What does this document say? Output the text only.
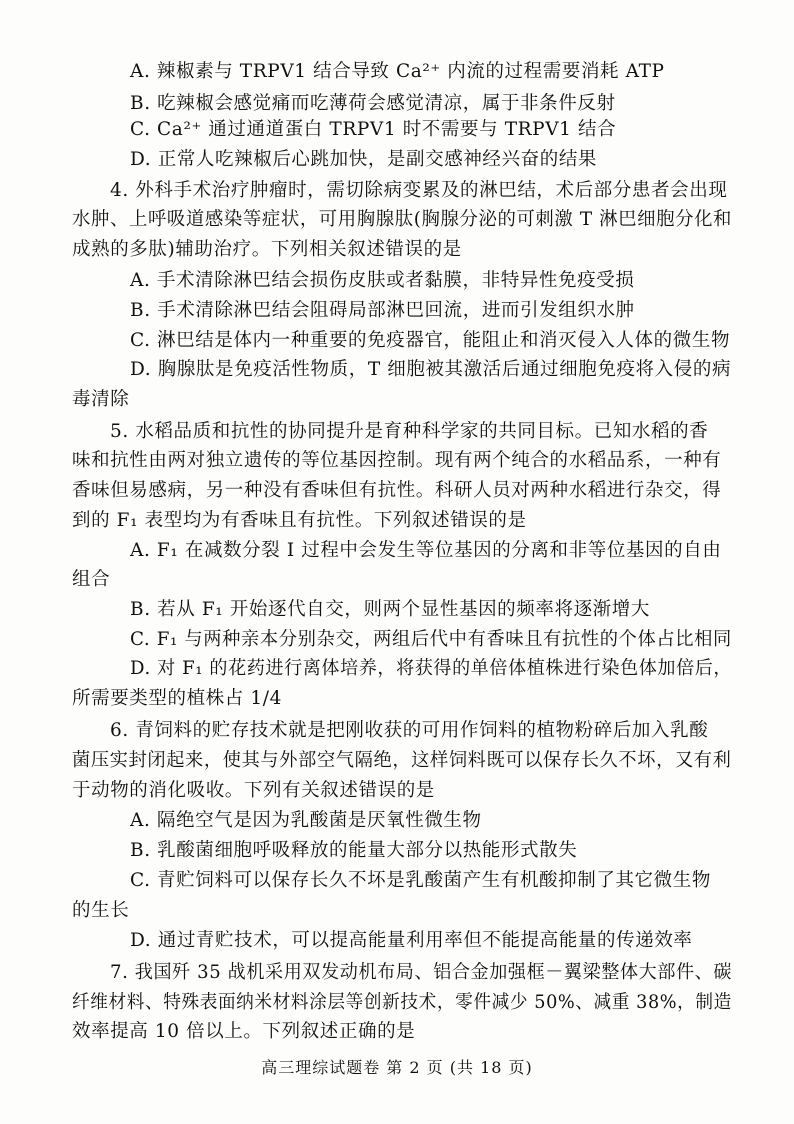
A. 辣椒素与 TRPV1 结合导致 Ca²⁺ 内流的过程需要消耗 ATP
B. 吃辣椒会感觉痛而吃薄荷会感觉清凉，属于非条件反射
C. Ca²⁺ 通过通道蛋白 TRPV1 时不需要与 TRPV1 结合
D. 正常人吃辣椒后心跳加快，是副交感神经兴奋的结果
4. 外科手术治疗肿瘤时，需切除病变累及的淋巴结，术后部分患者会出现
水肿、上呼吸道感染等症状，可用胸腺肽(胸腺分泌的可刺激 T 淋巴细胞分化和
成熟的多肽)辅助治疗。下列相关叙述错误的是
A. 手术清除淋巴结会损伤皮肤或者黏膜，非特异性免疫受损
B. 手术清除淋巴结会阻碍局部淋巴回流，进而引发组织水肿
C. 淋巴结是体内一种重要的免疫器官，能阻止和消灭侵入人体的微生物
D. 胸腺肽是免疫活性物质，T 细胞被其激活后通过细胞免疫将入侵的病
毒清除
5. 水稻品质和抗性的协同提升是育种科学家的共同目标。已知水稻的香
味和抗性由两对独立遗传的等位基因控制。现有两个纯合的水稻品系，一种有
香味但易感病，另一种没有香味但有抗性。科研人员对两种水稻进行杂交，得
到的 F₁ 表型均为有香味且有抗性。下列叙述错误的是
A. F₁ 在减数分裂 Ⅰ 过程中会发生等位基因的分离和非等位基因的自由
组合
B. 若从 F₁ 开始逐代自交，则两个显性基因的频率将逐渐增大
C. F₁ 与两种亲本分别杂交，两组后代中有香味且有抗性的个体占比相同
D. 对 F₁ 的花药进行离体培养，将获得的单倍体植株进行染色体加倍后，
所需要类型的植株占 1/4
6. 青饲料的贮存技术就是把刚收获的可用作饲料的植物粉碎后加入乳酸
菌压实封闭起来，使其与外部空气隔绝，这样饲料既可以保存长久不坏，又有利
于动物的消化吸收。下列有关叙述错误的是
A. 隔绝空气是因为乳酸菌是厌氧性微生物
B. 乳酸菌细胞呼吸释放的能量大部分以热能形式散失
C. 青贮饲料可以保存长久不坏是乳酸菌产生有机酸抑制了其它微生物
的生长
D. 通过青贮技术，可以提高能量利用率但不能提高能量的传递效率
7. 我国歼 35 战机采用双发动机布局、铝合金加强框－翼梁整体大部件、碳
纤维材料、特殊表面纳米材料涂层等创新技术，零件减少 50%、减重 38%，制造
效率提高 10 倍以上。下列叙述正确的是
高三理综试题卷 第 2 页 (共 18 页)
